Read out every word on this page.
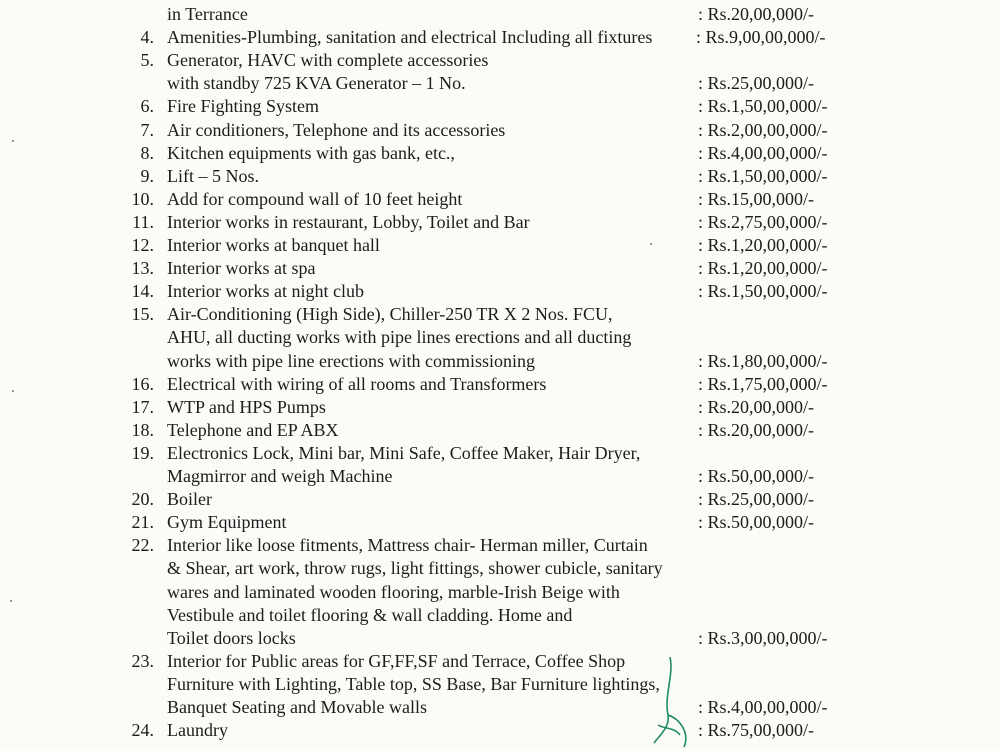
in Terrance	: Rs.20,00,000/-
4. Amenities-Plumbing, sanitation and electrical Including all fixtures : Rs.9,00,00,000/-
5. Generator, HAVC with complete accessories
with standby 725 KVA Generator – 1 No.	: Rs.25,00,000/-
6. Fire Fighting System	: Rs.1,50,00,000/-
7. Air conditioners, Telephone and its accessories	: Rs.2,00,00,000/-
8. Kitchen equipments with gas bank, etc.,	: Rs.4,00,00,000/-
9. Lift – 5 Nos.	: Rs.1,50,00,000/-
10. Add for compound wall of 10 feet height	: Rs.15,00,000/-
11. Interior works in restaurant, Lobby, Toilet and Bar	: Rs.2,75,00,000/-
12. Interior works at banquet hall	: Rs.1,20,00,000/-
13. Interior works at spa	: Rs.1,20,00,000/-
14. Interior works at night club	: Rs.1,50,00,000/-
15. Air-Conditioning (High Side), Chiller-250 TR X 2 Nos. FCU,
AHU, all ducting works with pipe lines erections and all ducting
works with pipe line erections with commissioning	: Rs.1,80,00,000/-
16. Electrical with wiring of all rooms and Transformers	: Rs.1,75,00,000/-
17. WTP and HPS Pumps	: Rs.20,00,000/-
18. Telephone and EP ABX	: Rs.20,00,000/-
19. Electronics Lock, Mini bar, Mini Safe, Coffee Maker, Hair Dryer,
Magmirror and weigh Machine	: Rs.50,00,000/-
20. Boiler	: Rs.25,00,000/-
21. Gym Equipment	: Rs.50,00,000/-
22. Interior like loose fitments, Mattress chair- Herman miller, Curtain
& Shear, art work, throw rugs, light fittings, shower cubicle, sanitary
wares and laminated wooden flooring, marble-Irish Beige with
Vestibule and toilet flooring & wall cladding. Home and
Toilet doors locks	: Rs.3,00,00,000/-
23. Interior for Public areas for GF,FF,SF and Terrace, Coffee Shop
Furniture with Lighting, Table top, SS Base, Bar Furniture lightings,
Banquet Seating and Movable walls	: Rs.4,00,00,000/-
24. Laundry	: Rs.75,00,000/-
